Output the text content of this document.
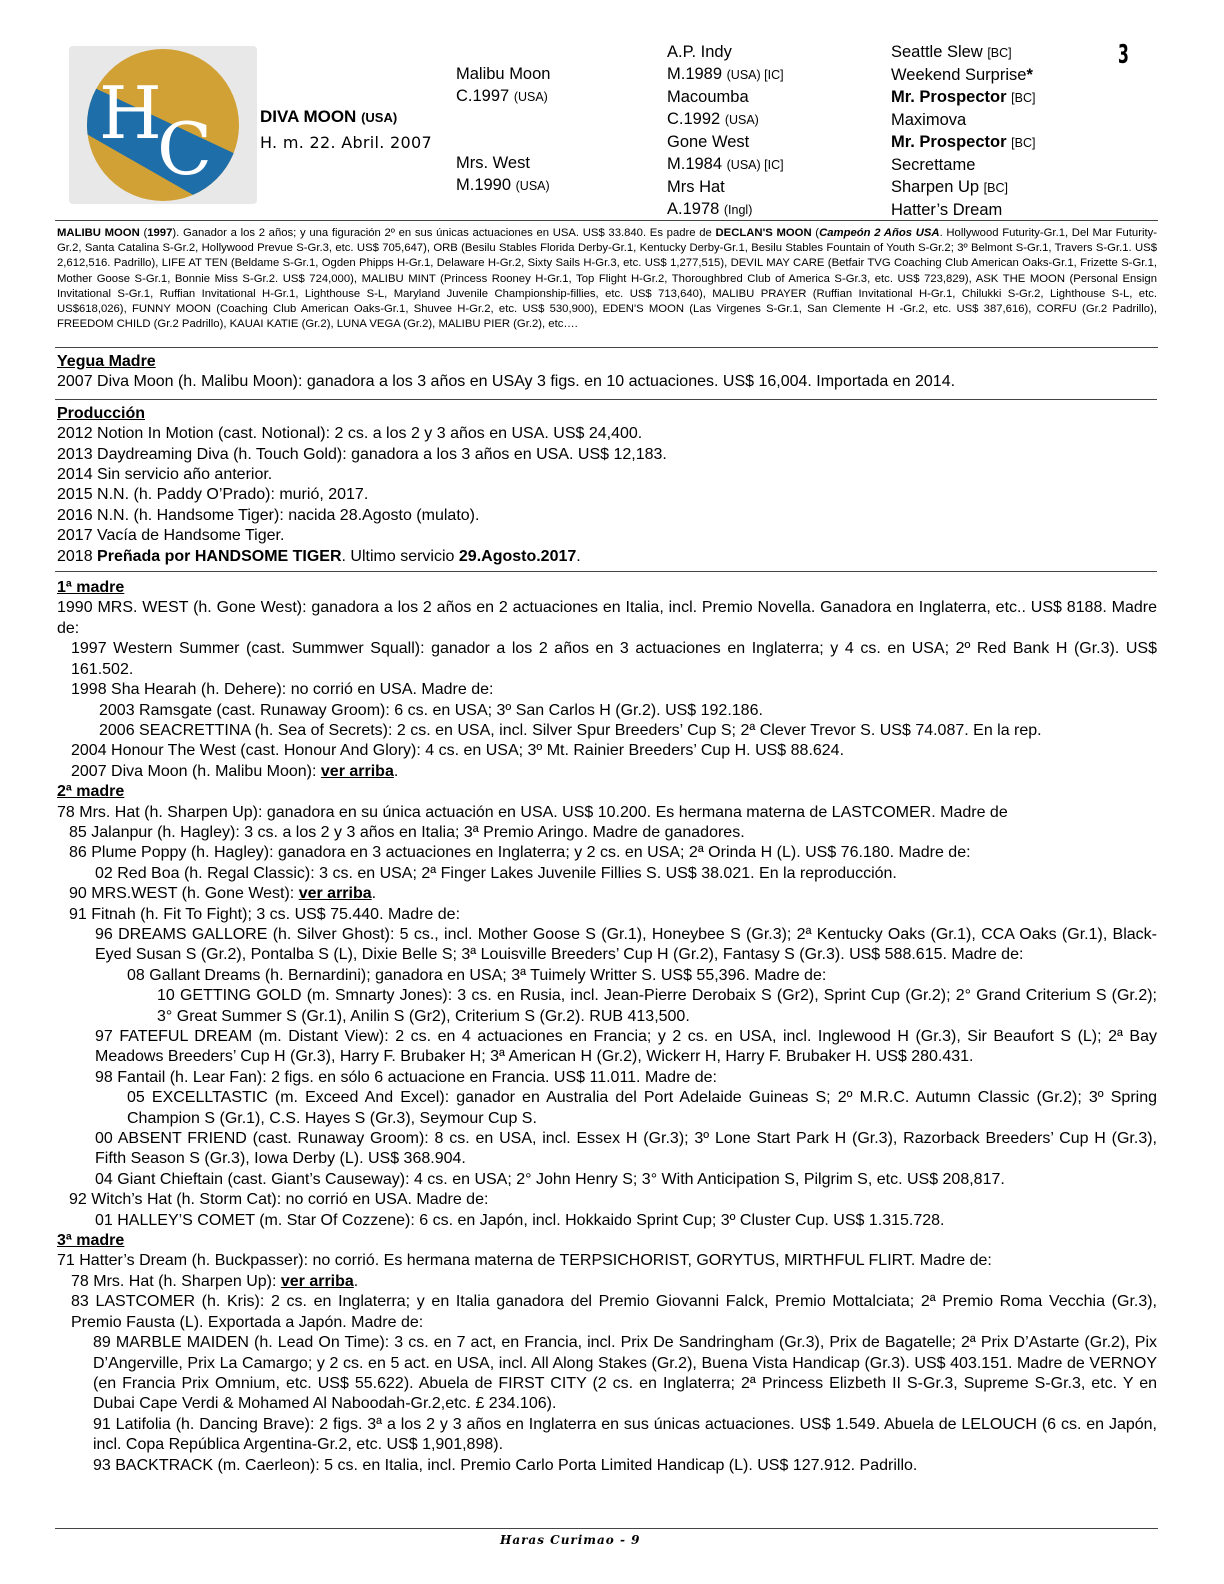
H
C
3
DIVA MOON (USA)
H. m. 22. Abril. 2007
Malibu Moon
C.1997 (USA)
Mrs. West
M.1990 (USA)
A.P. Indy
M.1989 (USA) [IC]
Macoumba
C.1992 (USA)
Gone West
M.1984 (USA) [IC]
Mrs Hat
A.1978 (Ingl)
Seattle Slew [BC]
Weekend Surprise*
Mr. Prospector [BC]
Maximova
Mr. Prospector [BC]
Secrettame
Sharpen Up [BC]
Hatter’s Dream
MALIBU MOON (1997). Ganador a los 2 años; y una figuración 2º en sus únicas actuaciones en USA. US$ 33.840. Es padre de DECLAN'S MOON (Campeón 2 Años USA. Hollywood Futurity-Gr.1, Del Mar Futurity-Gr.2, Santa Catalina S-Gr.2, Hollywood Prevue S-Gr.3, etc. US$ 705,647), ORB (Besilu Stables Florida Derby-Gr.1, Kentucky Derby-Gr.1, Besilu Stables Fountain of Youth S-Gr.2; 3º Belmont S-Gr.1, Travers S-Gr.1. US$ 2,612,516. Padrillo), LIFE AT TEN (Beldame S-Gr.1, Ogden Phipps H-Gr.1, Delaware H-Gr.2, Sixty Sails H-Gr.3, etc. US$ 1,277,515), DEVIL MAY CARE (Betfair TVG Coaching Club American Oaks-Gr.1, Frizette S-Gr.1, Mother Goose S-Gr.1, Bonnie Miss S-Gr.2. US$ 724,000), MALIBU MINT (Princess Rooney H-Gr.1, Top Flight H-Gr.2, Thoroughbred Club of America S-Gr.3, etc. US$ 723,829), ASK THE MOON (Personal Ensign Invitational S-Gr.1, Ruffian Invitational H-Gr.1, Lighthouse S-L, Maryland Juvenile Championship-fillies, etc. US$ 713,640), MALIBU PRAYER (Ruffian Invitational H-Gr.1, Chilukki S-Gr.2, Lighthouse S-L, etc. US$618,026), FUNNY MOON (Coaching Club American Oaks-Gr.1, Shuvee H-Gr.2, etc. US$ 530,900), EDEN'S MOON (Las Virgenes S-Gr.1, San Clemente H -Gr.2, etc. US$ 387,616), CORFU (Gr.2 Padrillo), FREEDOM CHILD (Gr.2 Padrillo), KAUAI KATIE (Gr.2), LUNA VEGA (Gr.2), MALIBU PIER (Gr.2), etc….
Yegua Madre
2007 Diva Moon (h. Malibu Moon): ganadora a los 3 años en USAy 3 figs. en 10 actuaciones. US$ 16,004. Importada en 2014.
Producción
2012 Notion In Motion (cast. Notional): 2 cs. a los 2 y 3 años en USA. US$ 24,400.
2013 Daydreaming Diva (h. Touch Gold): ganadora a los 3 años en USA. US$ 12,183.
2014 Sin servicio año anterior.
2015 N.N. (h. Paddy O’Prado): murió, 2017.
2016 N.N. (h. Handsome Tiger): nacida 28.Agosto (mulato).
2017 Vacía de Handsome Tiger.
2018 Preñada por HANDSOME TIGER. Ultimo servicio 29.Agosto.2017.
1ª madre
1990 MRS. WEST (h. Gone West): ganadora a los 2 años en 2 actuaciones en Italia, incl. Premio Novella. Ganadora en Inglaterra, etc.. US$ 8188. Madre de:
1997 Western Summer (cast. Summwer Squall): ganador a los 2 años en 3 actuaciones en Inglaterra; y 4 cs. en USA; 2º Red Bank H (Gr.3). US$ 161.502.
1998 Sha Hearah (h. Dehere): no corrió en USA. Madre de:
2003 Ramsgate (cast. Runaway Groom): 6 cs. en USA; 3º San Carlos H (Gr.2). US$ 192.186.
2006 SEACRETTINA (h. Sea of Secrets): 2 cs. en USA, incl. Silver Spur Breeders’ Cup S; 2ª Clever Trevor S. US$ 74.087. En la rep.
2004 Honour The West (cast. Honour And Glory): 4 cs. en USA; 3º Mt. Rainier Breeders’ Cup H. US$ 88.624.
2007 Diva Moon (h. Malibu Moon): ver arriba.
2ª madre
78 Mrs. Hat (h. Sharpen Up): ganadora en su única actuación en USA. US$ 10.200. Es hermana materna de LASTCOMER. Madre de
85 Jalanpur (h. Hagley): 3 cs. a los 2 y 3 años en Italia; 3ª Premio Aringo. Madre de ganadores.
86 Plume Poppy (h. Hagley): ganadora en 3 actuaciones en Inglaterra; y 2 cs. en USA; 2ª Orinda H (L). US$ 76.180. Madre de:
02 Red Boa (h. Regal Classic): 3 cs. en USA; 2ª Finger Lakes Juvenile Fillies S. US$ 38.021. En la reproducción.
90 MRS.WEST (h. Gone West): ver arriba.
91 Fitnah (h. Fit To Fight); 3 cs. US$ 75.440. Madre de:
96 DREAMS GALLORE (h. Silver Ghost): 5 cs., incl. Mother Goose S (Gr.1), Honeybee S (Gr.3); 2ª Kentucky Oaks (Gr.1), CCA Oaks (Gr.1), Black-Eyed Susan S (Gr.2), Pontalba S (L), Dixie Belle S; 3ª Louisville Breeders’ Cup H (Gr.2), Fantasy S (Gr.3). US$ 588.615. Madre de:
08 Gallant Dreams (h. Bernardini); ganadora en USA; 3ª Tuimely Writter S. US$ 55,396. Madre de:
10 GETTING GOLD (m. Smnarty Jones): 3 cs. en Rusia, incl. Jean-Pierre Derobaix S (Gr2), Sprint Cup (Gr.2); 2° Grand Criterium S (Gr.2); 3° Great Summer S (Gr.1), Anilin S (Gr2), Criterium S (Gr.2). RUB 413,500.
97 FATEFUL DREAM (m. Distant View): 2 cs. en 4 actuaciones en Francia; y 2 cs. en USA, incl. Inglewood H (Gr.3), Sir Beaufort S (L); 2ª Bay Meadows Breeders’ Cup H (Gr.3), Harry F. Brubaker H; 3ª American H (Gr.2), Wickerr H, Harry F. Brubaker H. US$ 280.431.
98 Fantail (h. Lear Fan): 2 figs. en sólo 6 actuacione en Francia. US$ 11.011. Madre de:
05 EXCELLTASTIC (m. Exceed And Excel): ganador en Australia del Port Adelaide Guineas S; 2º M.R.C. Autumn Classic (Gr.2); 3º Spring Champion S (Gr.1), C.S. Hayes S (Gr.3), Seymour Cup S.
00 ABSENT FRIEND (cast. Runaway Groom): 8 cs. en USA, incl. Essex H (Gr.3); 3º Lone Start Park H (Gr.3), Razorback Breeders’ Cup H (Gr.3), Fifth Season S (Gr.3), Iowa Derby (L). US$ 368.904.
04 Giant Chieftain (cast. Giant’s Causeway): 4 cs. en USA; 2° John Henry S; 3° With Anticipation S, Pilgrim S, etc. US$ 208,817.
92 Witch’s Hat (h. Storm Cat): no corrió en USA. Madre de:
01 HALLEY’S COMET (m. Star Of Cozzene): 6 cs. en Japón, incl. Hokkaido Sprint Cup; 3º Cluster Cup. US$ 1.315.728.
3ª madre
71 Hatter’s Dream (h. Buckpasser): no corrió. Es hermana materna de TERPSICHORIST, GORYTUS, MIRTHFUL FLIRT. Madre de:
78 Mrs. Hat (h. Sharpen Up): ver arriba.
83 LASTCOMER (h. Kris): 2 cs. en Inglaterra; y en Italia ganadora del Premio Giovanni Falck, Premio Mottalciata; 2ª Premio Roma Vecchia (Gr.3), Premio Fausta (L). Exportada a Japón. Madre de:
89 MARBLE MAIDEN (h. Lead On Time): 3 cs. en 7 act, en Francia, incl. Prix De Sandringham (Gr.3), Prix de Bagatelle; 2ª Prix D’Astarte (Gr.2), Pix D’Angerville, Prix La Camargo; y 2 cs. en 5 act. en USA, incl. All Along Stakes (Gr.2), Buena Vista Handicap (Gr.3). US$ 403.151. Madre de VERNOY (en Francia Prix Omnium, etc. US$ 55.622). Abuela de FIRST CITY (2 cs. en Inglaterra; 2ª Princess Elizbeth II S-Gr.3, Supreme S-Gr.3, etc. Y en Dubai Cape Verdi & Mohamed Al Naboodah-Gr.2,etc. £ 234.106).
91 Latifolia (h. Dancing Brave): 2 figs. 3ª a los 2 y 3 años en Inglaterra en sus únicas actuaciones. US$ 1.549. Abuela de LELOUCH (6 cs. en Japón, incl. Copa República Argentina-Gr.2, etc. US$ 1,901,898).
93 BACKTRACK (m. Caerleon): 5 cs. en Italia, incl. Premio Carlo Porta Limited Handicap (L). US$ 127.912. Padrillo.
Haras Curimao - 9
